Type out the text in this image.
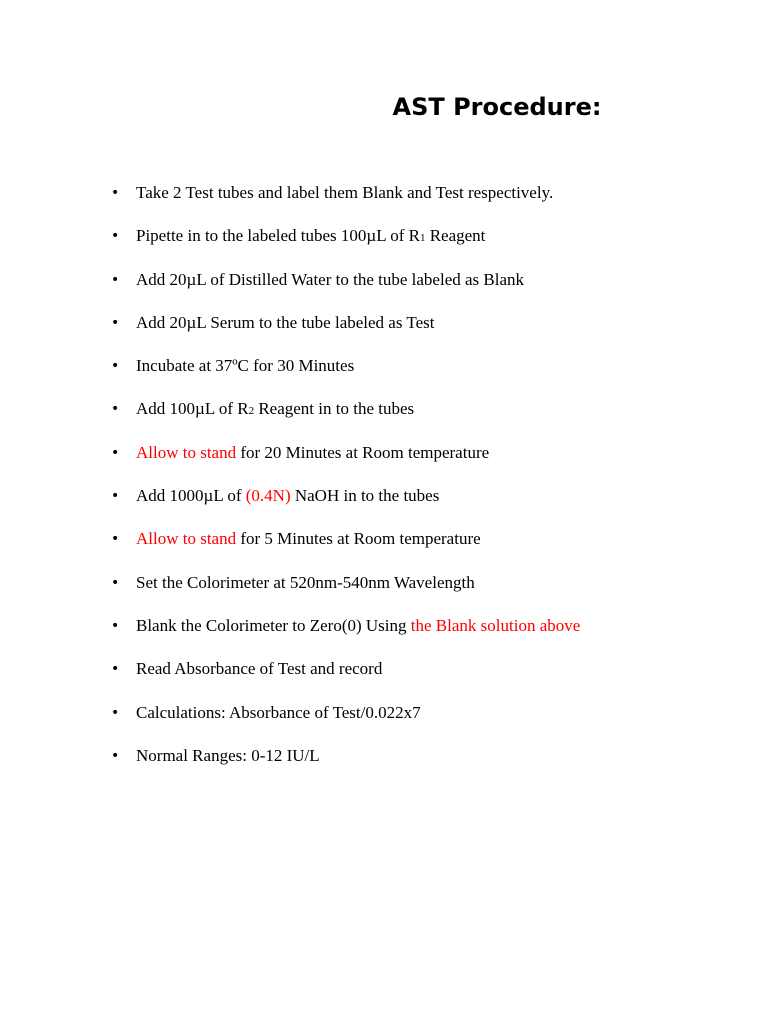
AST Procedure:
• Take 2 Test tubes and label them Blank and Test respectively.
• Pipette in to the labeled tubes 100µL of R1 Reagent
• Add 20µL of Distilled Water to the tube labeled as Blank
• Add 20µL Serum to the tube labeled as Test
• Incubate at 37ºC for 30 Minutes
• Add 100µL of R2 Reagent in to the tubes
• Allow to stand for 20 Minutes at Room temperature
• Add 1000µL of (0.4N) NaOH in to the tubes
• Allow to stand for 5 Minutes at Room temperature
• Set the Colorimeter at 520nm-540nm Wavelength
• Blank the Colorimeter to Zero(0) Using the Blank solution above
• Read Absorbance of Test and record
• Calculations: Absorbance of Test/0.022x7
• Normal Ranges: 0-12 IU/L
